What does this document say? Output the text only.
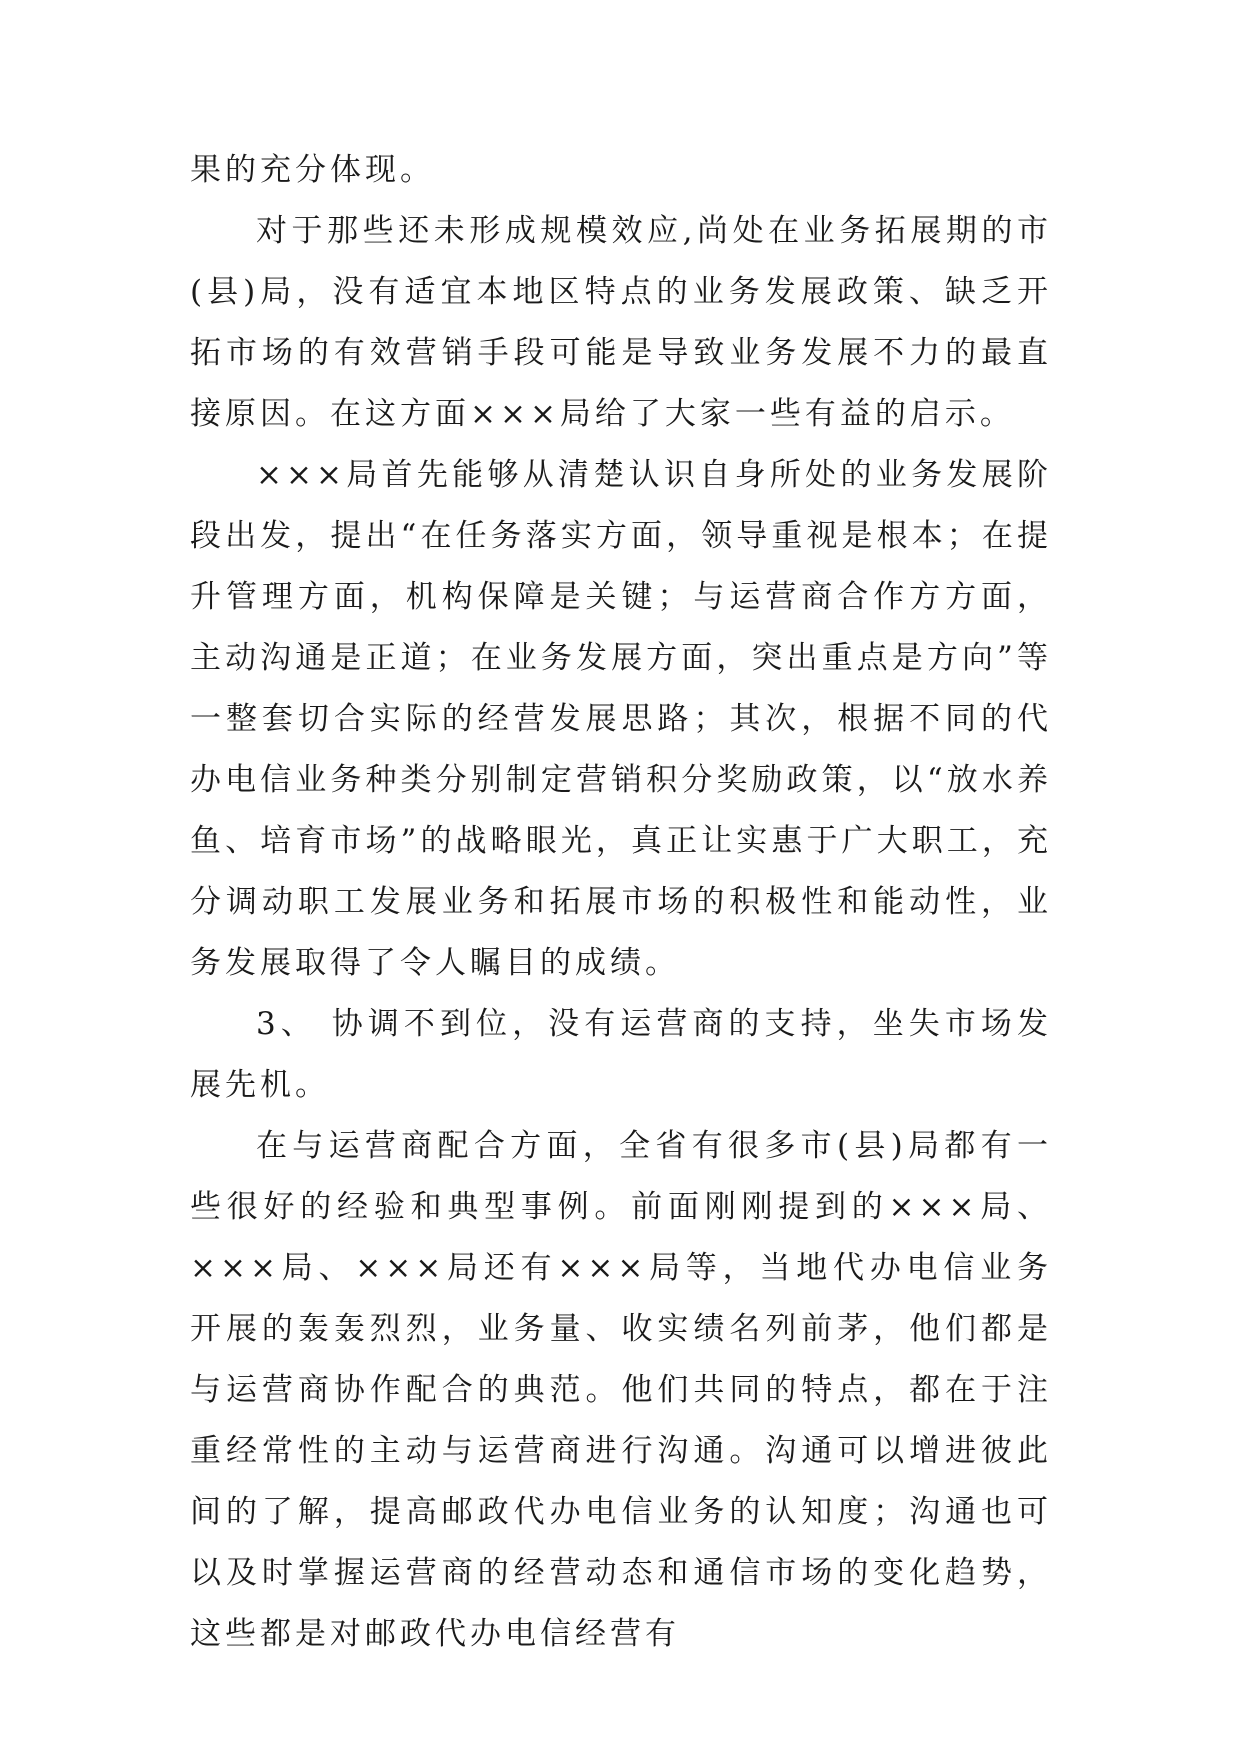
果的充分体现。

对于那些还未形成规模效应,尚处在业务拓展期的市(县)局，没有适宜本地区特点的业务发展政策、缺乏开拓市场的有效营销手段可能是导致业务发展不力的最直接原因。在这方面×××局给了大家一些有益的启示。

×××局首先能够从清楚认识自身所处的业务发展阶段出发，提出“在任务落实方面，领导重视是根本；在提升管理方面，机构保障是关键；与运营商合作方方面，主动沟通是正道；在业务发展方面，突出重点是方向”等一整套切合实际的经营发展思路；其次，根据不同的代办电信业务种类分别制定营销积分奖励政策，以“放水养鱼、培育市场”的战略眼光，真正让实惠于广大职工，充分调动职工发展业务和拓展市场的积极性和能动性，业务发展取得了令人瞩目的成绩。

3、 协调不到位，没有运营商的支持，坐失市场发展先机。

在与运营商配合方面，全省有很多市(县)局都有一些很好的经验和典型事例。前面刚刚提到的×××局、×××局、×××局还有×××局等，当地代办电信业务开展的轰轰烈烈，业务量、收实绩名列前茅，他们都是与运营商协作配合的典范。他们共同的特点，都在于注重经常性的主动与运营商进行沟通。沟通可以增进彼此间的了解，提高邮政代办电信业务的认知度；沟通也可以及时掌握运营商的经营动态和通信市场的变化趋势，这些都是对邮政代办电信经营有
